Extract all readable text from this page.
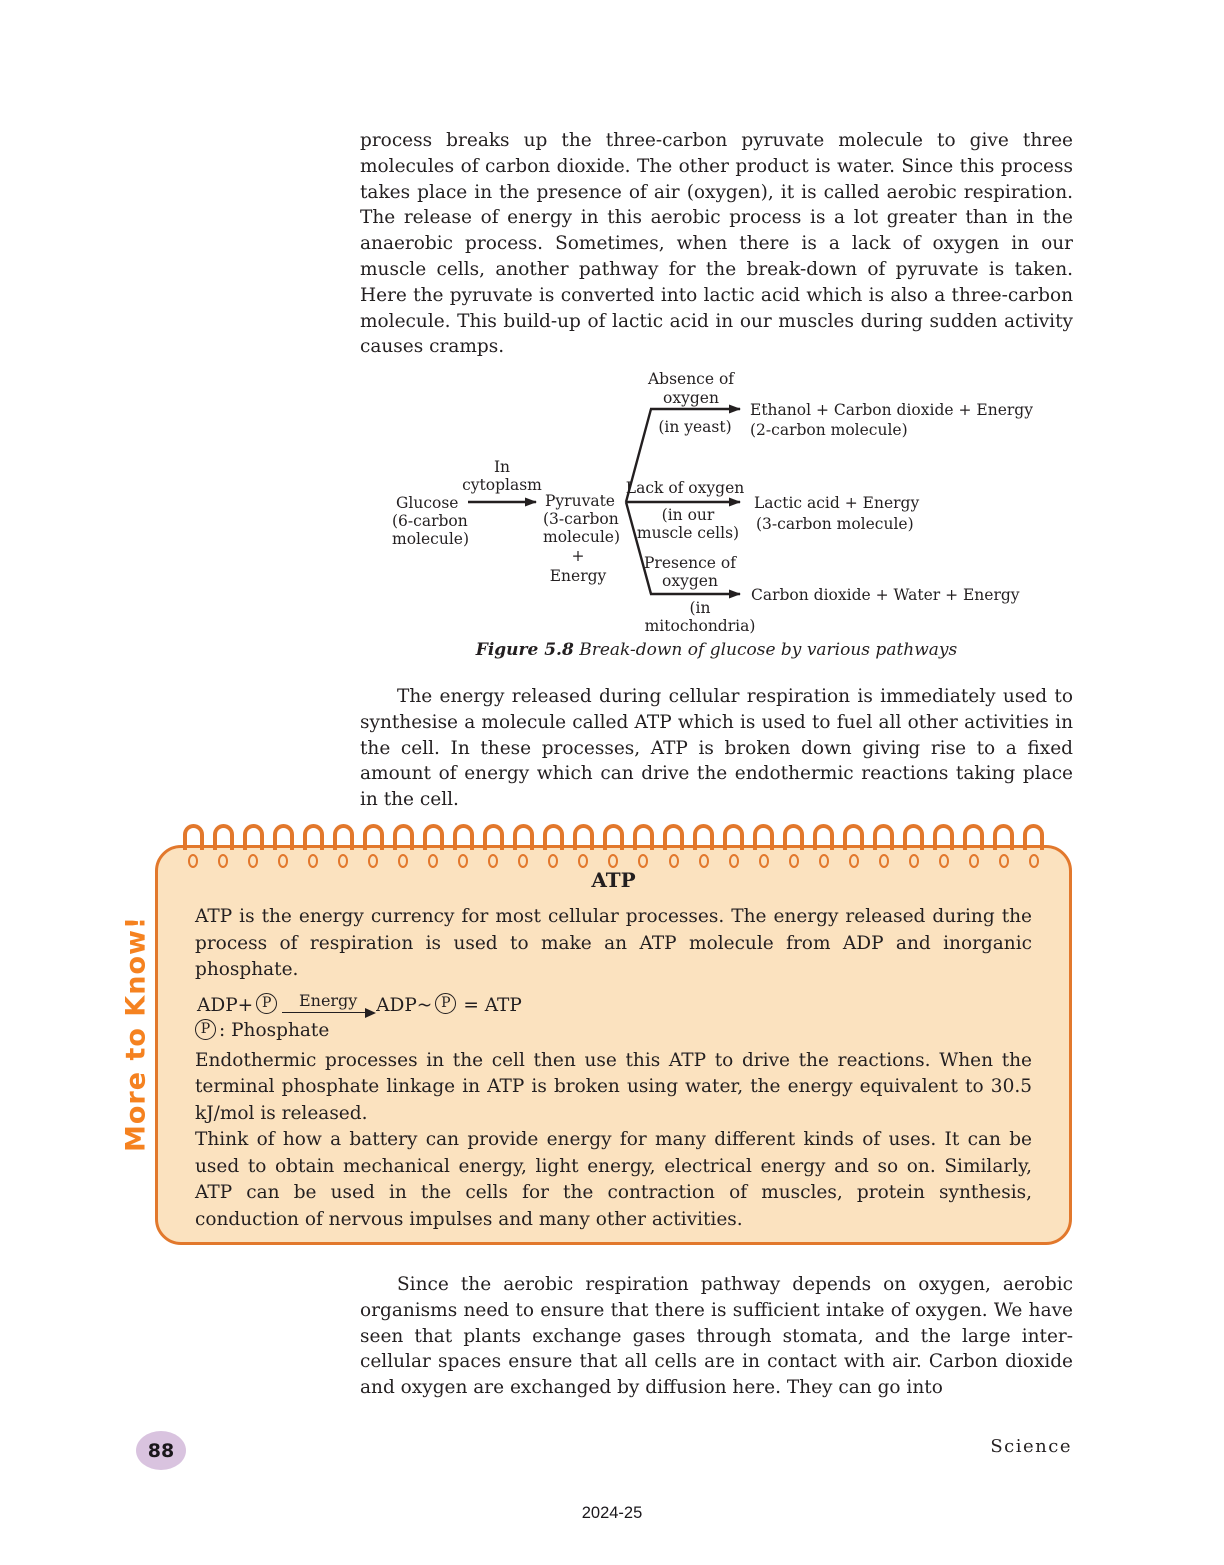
process breaks up the three-carbon pyruvate molecule to give three molecules of carbon dioxide. The other product is water. Since this process takes place in the presence of air (oxygen), it is called aerobic respiration. The release of energy in this aerobic process is a lot greater than in the anaerobic process. Sometimes, when there is a lack of oxygen in our muscle cells, another pathway for the break-down of pyruvate is taken. Here the pyruvate is converted into lactic acid which is also a three-carbon molecule. This build-up of lactic acid in our muscles during sudden activity causes cramps.

Glucose
(6-carbon
molecule)
In
cytoplasm
Pyruvate
(3-carbon
molecule)
+
Energy
Absence of
oxygen
(in yeast)
Ethanol + Carbon dioxide + Energy
(2-carbon molecule)
Lack of oxygen
(in our
muscle cells)
Lactic acid + Energy
(3-carbon molecule)
Presence of
oxygen
(in
mitochondria)
Carbon dioxide + Water + Energy
Figure 5.8 Break-down of glucose by various pathways

The energy released during cellular respiration is immediately used to synthesise a molecule called ATP which is used to fuel all other activities in the cell. In these processes, ATP is broken down giving rise to a fixed amount of energy which can drive the endothermic reactions taking place in the cell.

More to Know!
ATP

ATP is the energy currency for most cellular processes. The energy released during the process of respiration is used to make an ATP molecule from ADP and inorganic phosphate.

ADP+ P	Energy ADP~ P = ATP
P : Phosphate

Endothermic processes in the cell then use this ATP to drive the reactions. When the terminal phosphate linkage in ATP is broken using water, the energy equivalent to 30.5 kJ/mol is released.

Think of how a battery can provide energy for many different kinds of uses. It can be used to obtain mechanical energy, light energy, electrical energy and so on. Similarly, ATP can be used in the cells for the contraction of muscles, protein synthesis, conduction of nervous impulses and many other activities.

Since the aerobic respiration pathway depends on oxygen, aerobic organisms need to ensure that there is sufficient intake of oxygen. We have seen that plants exchange gases through stomata, and the large inter-cellular spaces ensure that all cells are in contact with air. Carbon dioxide and oxygen are exchanged by diffusion here. They can go into

88	Science
2024-25
